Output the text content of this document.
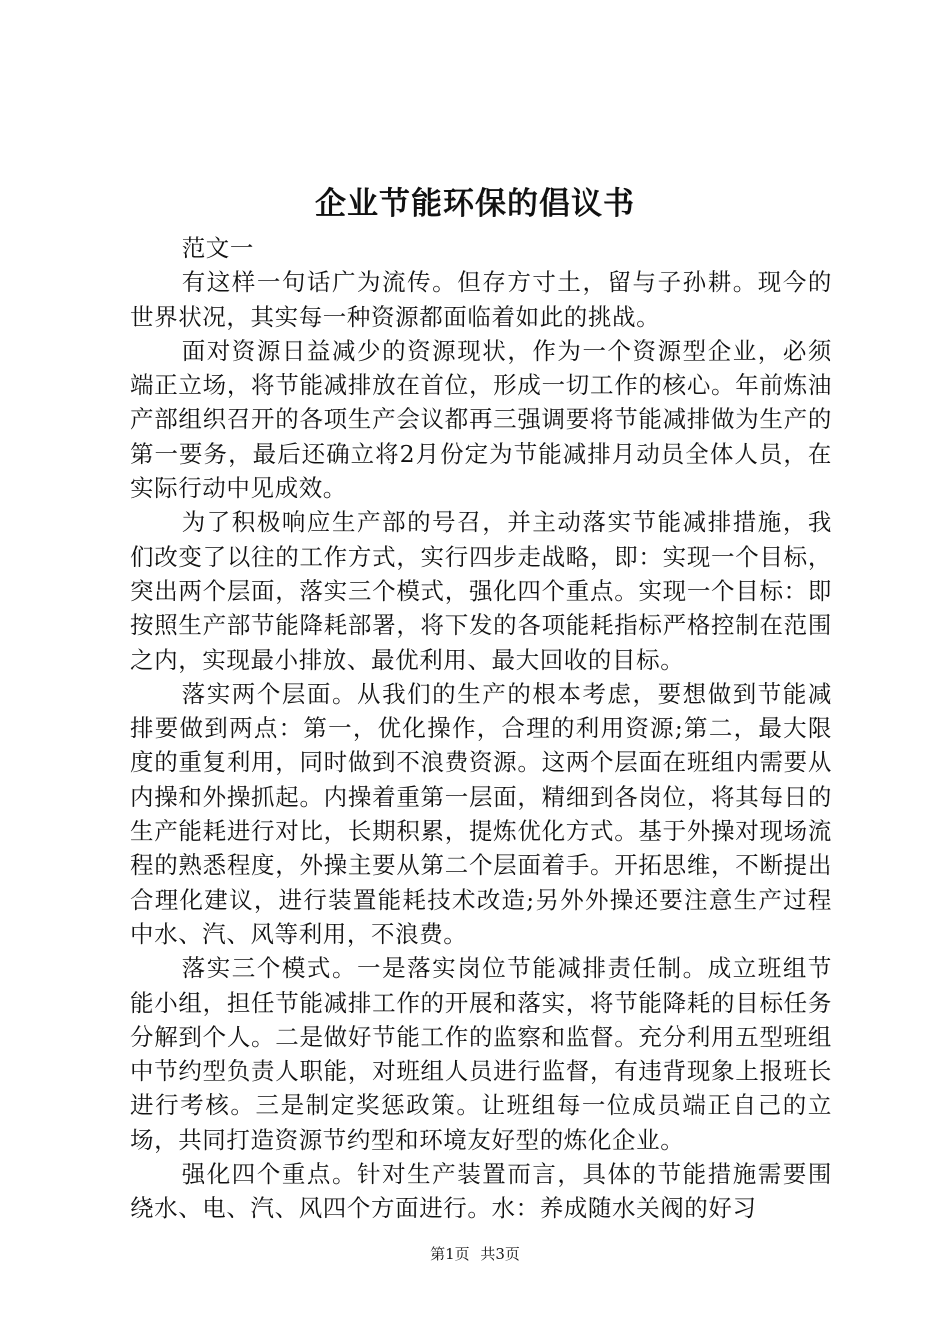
企业节能环保的倡议书

范文一

有这样一句话广为流传。但存方寸土，留与子孙耕。现今的世界状况，其实每一种资源都面临着如此的挑战。

面对资源日益减少的资源现状，作为一个资源型企业，必须端正立场，将节能减排放在首位，形成一切工作的核心。年前炼油产部组织召开的各项生产会议都再三强调要将节能减排做为生产的第一要务，最后还确立将2月份定为节能减排月动员全体人员，在实际行动中见成效。

为了积极响应生产部的号召，并主动落实节能减排措施，我们改变了以往的工作方式，实行四步走战略，即：实现一个目标，突出两个层面，落实三个模式，强化四个重点。实现一个目标：即按照生产部节能降耗部署，将下发的各项能耗指标严格控制在范围之内，实现最小排放、最优利用、最大回收的目标。

落实两个层面。从我们的生产的根本考虑，要想做到节能减排要做到两点：第一，优化操作，合理的利用资源;第二，最大限度的重复利用，同时做到不浪费资源。这两个层面在班组内需要从内操和外操抓起。内操着重第一层面，精细到各岗位，将其每日的生产能耗进行对比，长期积累，提炼优化方式。基于外操对现场流程的熟悉程度，外操主要从第二个层面着手。开拓思维，不断提出合理化建议，进行装置能耗技术改造;另外外操还要注意生产过程中水、汽、风等利用，不浪费。

落实三个模式。一是落实岗位节能减排责任制。成立班组节能小组，担任节能减排工作的开展和落实，将节能降耗的目标任务分解到个人。二是做好节能工作的监察和监督。充分利用五型班组中节约型负责人职能，对班组人员进行监督，有违背现象上报班长进行考核。三是制定奖惩政策。让班组每一位成员端正自己的立场，共同打造资源节约型和环境友好型的炼化企业。

强化四个重点。针对生产装置而言，具体的节能措施需要围绕水、电、汽、风四个方面进行。水：养成随水关阀的好习

第1页 共3页
